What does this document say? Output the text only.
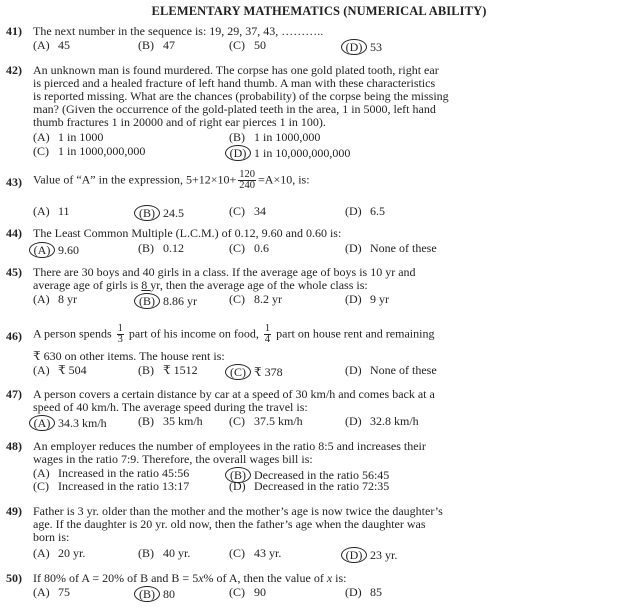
ELEMENTARY MATHEMATICS (NUMERICAL ABILITY)
41) The next number in the sequence is: 19, 29, 37, 43, ………..
(A) 45	(B) 47	(C) 50	(D) 53
42) An unknown man is found murdered. The corpse has one gold plated tooth, right ear
is pierced and a healed fracture of left hand thumb. A man with these characteristics
is reported missing. What are the chances (probability) of the corpse being the missing
man? (Given the occurrence of the gold-plated teeth in the area, 1 in 5000, left hand
thumb fractures 1 in 20000 and of right ear pierces 1 in 100).
(A) 1 in 1000	(B) 1 in 1000,000
(C) 1 in 1000,000,000	(D) 1 in 10,000,000,000
43) Value of “A” in the expression, $5+12\times 10+ \frac{120}{240} =A\times 10$, is:
(A) 11	(B) 24.5	(C) 34	(D) 6.5
44) The Least Common Multiple (L.C.M.) of 0.12, 9.60 and 0.60 is:
(A) 9.60	(B) 0.12	(C) 0.6	(D) None of these
45) There are 30 boys and 40 girls in a class. If the average age of boys is 10 yr and
average age of girls is 8 yr, then the average age of the whole class is:
(A) 8 yr	(B) 8.86 yr	(C) 8.2 yr	(D) 9 yr
46) A person spends $\frac{1}{3}$ part of his income on food, $\frac{1}{4}$ part on house rent and remaining
₹ 630 on other items. The house rent is:
(A) ₹ 504	(B) ₹ 1512	(C) ₹ 378	(D) None of these
47) A person covers a certain distance by car at a speed of 30 km/h and comes back at a
speed of 40 km/h. The average speed during the travel is:
(A) 34.3 km/h	(B) 35 km/h (C) 37.5 km/h	(D) 32.8 km/h
48) An employer reduces the number of employees in the ratio 8:5 and increases their
wages in the ratio 7:9. Therefore, the overall wages bill is:
(A) Increased in the ratio 45:56	(B) Decreased in the ratio 56:45
(C) Increased in the ratio 13:17	(D) Decreased in the ratio 72:35
49) Father is 3 yr. older than the mother and the mother’s age is now twice the daughter’s
age. If the daughter is 20 yr. old now, then the father’s age when the daughter was
born is:
(A) 20 yr.	(B) 40 yr.	(C) 43 yr.	(D) 23 yr.
50) If 80% of A = 20% of B and B = 5x% of A, then the value of x is:
(A) 75	(B) 80	(C) 90	(D) 85
